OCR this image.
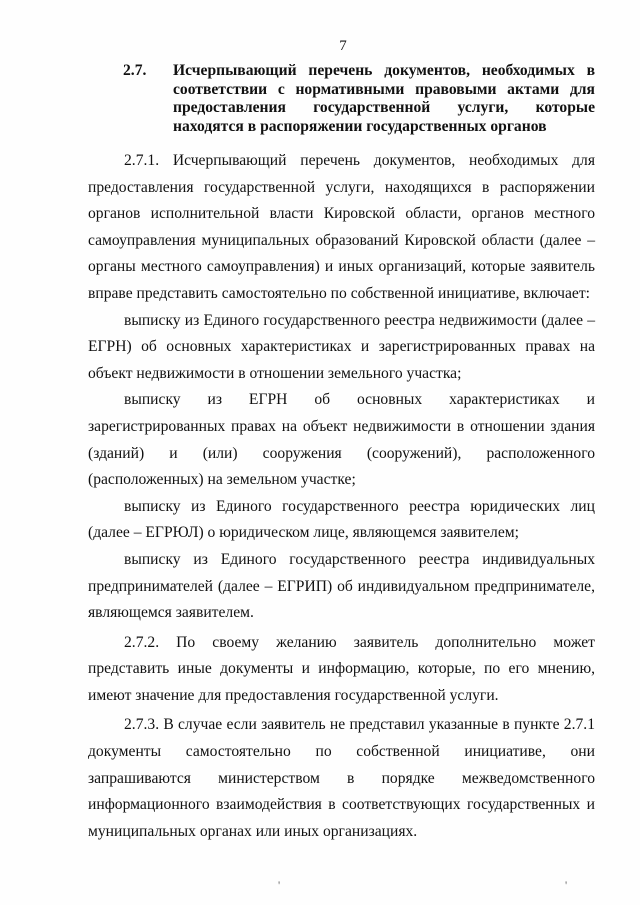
7
2.7. Исчерпывающий перечень документов, необходимых в соответствии с нормативными правовыми актами для предоставления государственной услуги, которые находятся в распоряжении государственных органов

2.7.1. Исчерпывающий перечень документов, необходимых для предоставления государственной услуги, находящихся в распоряжении органов исполнительной власти Кировской области, органов местного самоуправления муниципальных образований Кировской области (далее – органы местного самоуправления) и иных организаций, которые заявитель вправе представить самостоятельно по собственной инициативе, включает:

выписку из Единого государственного реестра недвижимости (далее – ЕГРН) об основных характеристиках и зарегистрированных правах на объект недвижимости в отношении земельного участка;

выписку из ЕГРН об основных характеристиках и зарегистрированных правах на объект недвижимости в отношении здания (зданий) и (или) сооружения (сооружений), расположенного (расположенных) на земельном участке;

выписку из Единого государственного реестра юридических лиц (далее – ЕГРЮЛ) о юридическом лице, являющемся заявителем;

выписку из Единого государственного реестра индивидуальных предпринимателей (далее – ЕГРИП) об индивидуальном предпринимателе, являющемся заявителем.

2.7.2. По своему желанию заявитель дополнительно может представить иные документы и информацию, которые, по его мнению, имеют значение для предоставления государственной услуги.

2.7.3. В случае если заявитель не представил указанные в пункте 2.7.1 документы самостоятельно по собственной инициативе, они запрашиваются министерством в порядке межведомственного информационного взаимодействия в соответствующих государственных и муниципальных органах или иных организациях.

'	'
